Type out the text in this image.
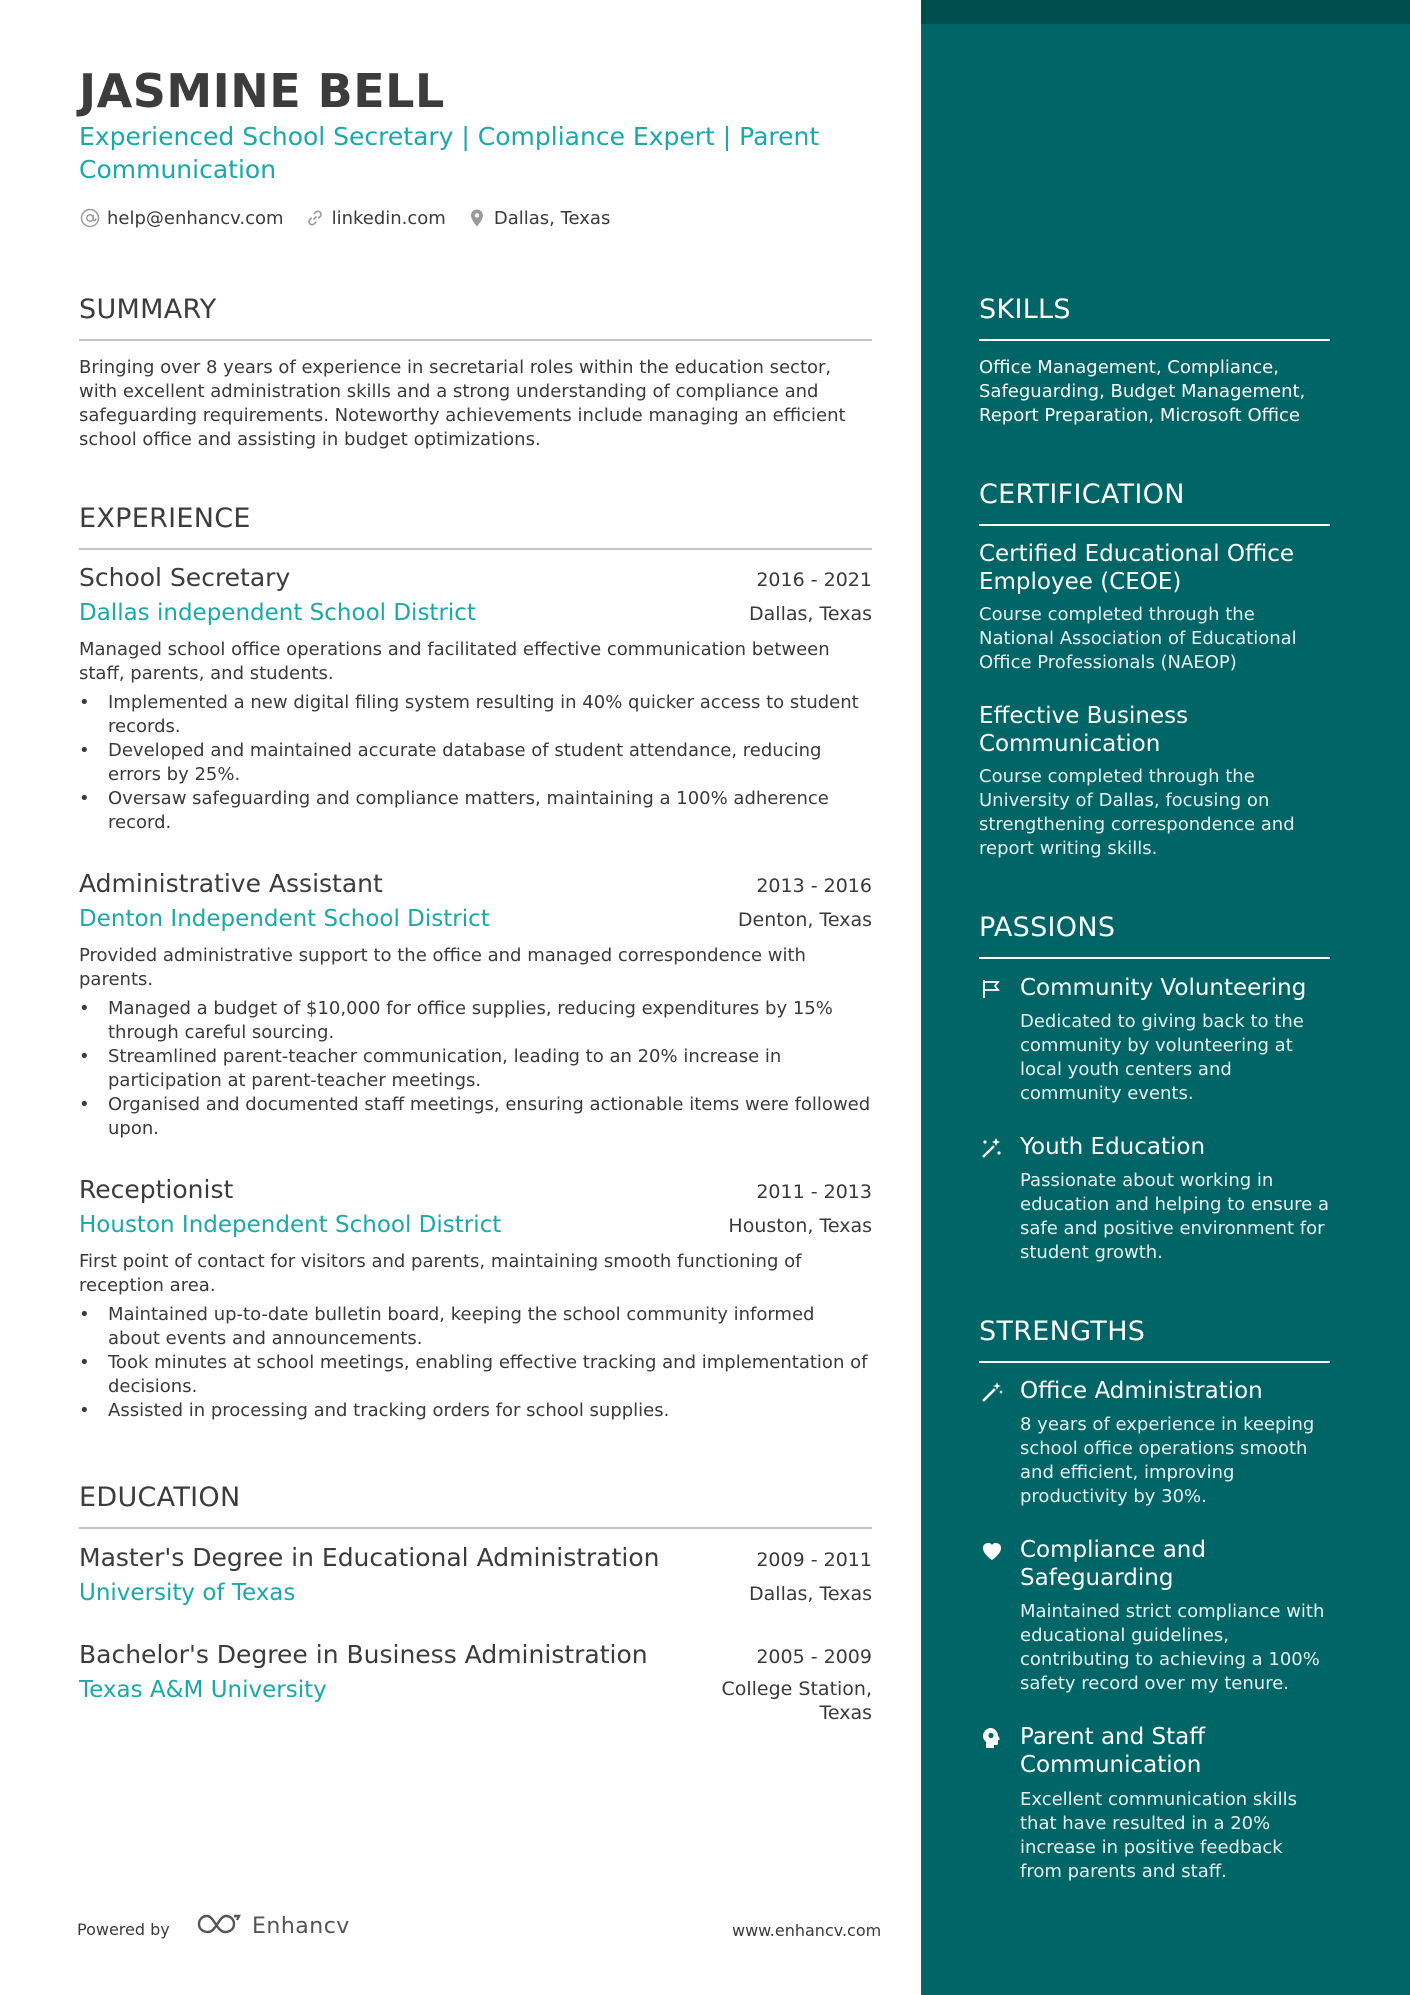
JASMINE BELL
Experienced School Secretary | Compliance Expert | Parent Communication
help@enhancv.com	linkedin.com	Dallas, Texas
SUMMARY
Bringing over 8 years of experience in secretarial roles within the education sector, with excellent administration skills and a strong understanding of compliance and safeguarding requirements. Noteworthy achievements include managing an efficient school office and assisting in budget optimizations.
EXPERIENCE
School Secretary	2016 - 2021
Dallas independent School District	Dallas, Texas
Managed school office operations and facilitated effective communication between staff, parents, and students.
• Implemented a new digital filing system resulting in 40% quicker access to student records.
• Developed and maintained accurate database of student attendance, reducing errors by 25%.
• Oversaw safeguarding and compliance matters, maintaining a 100% adherence record.
Administrative Assistant	2013 - 2016
Denton Independent School District	Denton, Texas
Provided administrative support to the office and managed correspondence with parents.
• Managed a budget of $10,000 for office supplies, reducing expenditures by 15% through careful sourcing.
• Streamlined parent-teacher communication, leading to an 20% increase in participation at parent-teacher meetings.
• Organised and documented staff meetings, ensuring actionable items were followed upon.
Receptionist	2011 - 2013
Houston Independent School District	Houston, Texas
First point of contact for visitors and parents, maintaining smooth functioning of reception area.
• Maintained up-to-date bulletin board, keeping the school community informed about events and announcements.
• Took minutes at school meetings, enabling effective tracking and implementation of decisions.
• Assisted in processing and tracking orders for school supplies.
EDUCATION
Master's Degree in Educational Administration	2009 - 2011
University of Texas	Dallas, Texas
Bachelor's Degree in Business Administration	2005 - 2009
Texas A&M University	College Station,
Texas
Powered by	Enhancv	www.enhancv.com
SKILLS
Office Management, Compliance, Safeguarding, Budget Management, Report Preparation, Microsoft Office
CERTIFICATION
Certified Educational Office Employee (CEOE)
Course completed through the National Association of Educational Office Professionals (NAEOP)
Effective Business Communication
Course completed through the University of Dallas, focusing on strengthening correspondence and report writing skills.
PASSIONS
Community Volunteering
Dedicated to giving back to the community by volunteering at local youth centers and community events.
Youth Education
Passionate about working in education and helping to ensure a safe and positive environment for student growth.
STRENGTHS
Office Administration
8 years of experience in keeping school office operations smooth and efficient, improving productivity by 30%.
Compliance and
Safeguarding
Maintained strict compliance with educational guidelines, contributing to achieving a 100% safety record over my tenure.
Parent and Staff
Communication
Excellent communication skills that have resulted in a 20% increase in positive feedback from parents and staff.
